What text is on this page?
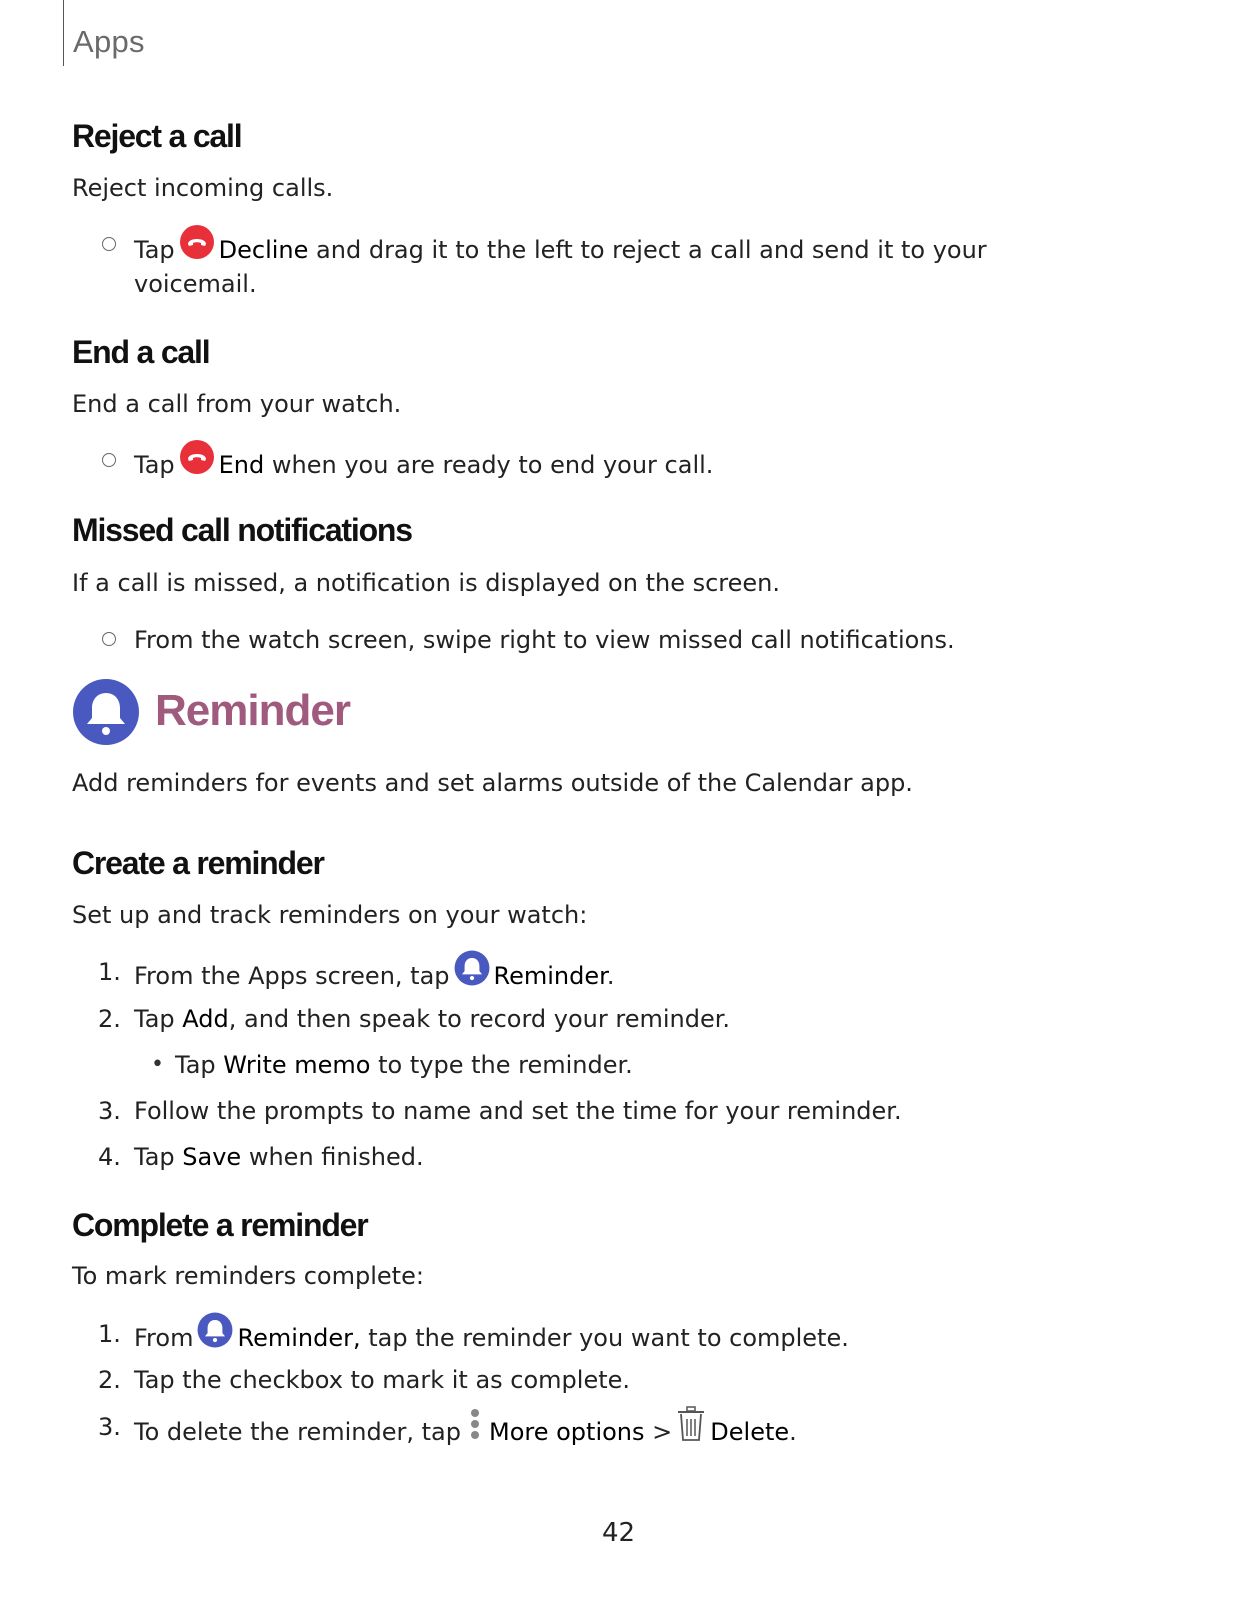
Apps
Reject a call
Reject incoming calls.
Tap Decline and drag it to the left to reject a call and send it to your
voicemail.
End a call
End a call from your watch.
Tap End when you are ready to end your call.
Missed call notifications
If a call is missed, a notification is displayed on the screen.
From the watch screen, swipe right to view missed call notifications.
Reminder
Add reminders for events and set alarms outside of the Calendar app.
Create a reminder
Set up and track reminders on your watch:
1. From the Apps screen, tap Reminder.
2. Tap Add, and then speak to record your reminder.
• Tap Write memo to type the reminder.
3. Follow the prompts to name and set the time for your reminder.
4. Tap Save when finished.
Complete a reminder
To mark reminders complete:
1. From Reminder, tap the reminder you want to complete.
2. Tap the checkbox to mark it as complete.
3. To delete the reminder, tap More options > Delete.
42
